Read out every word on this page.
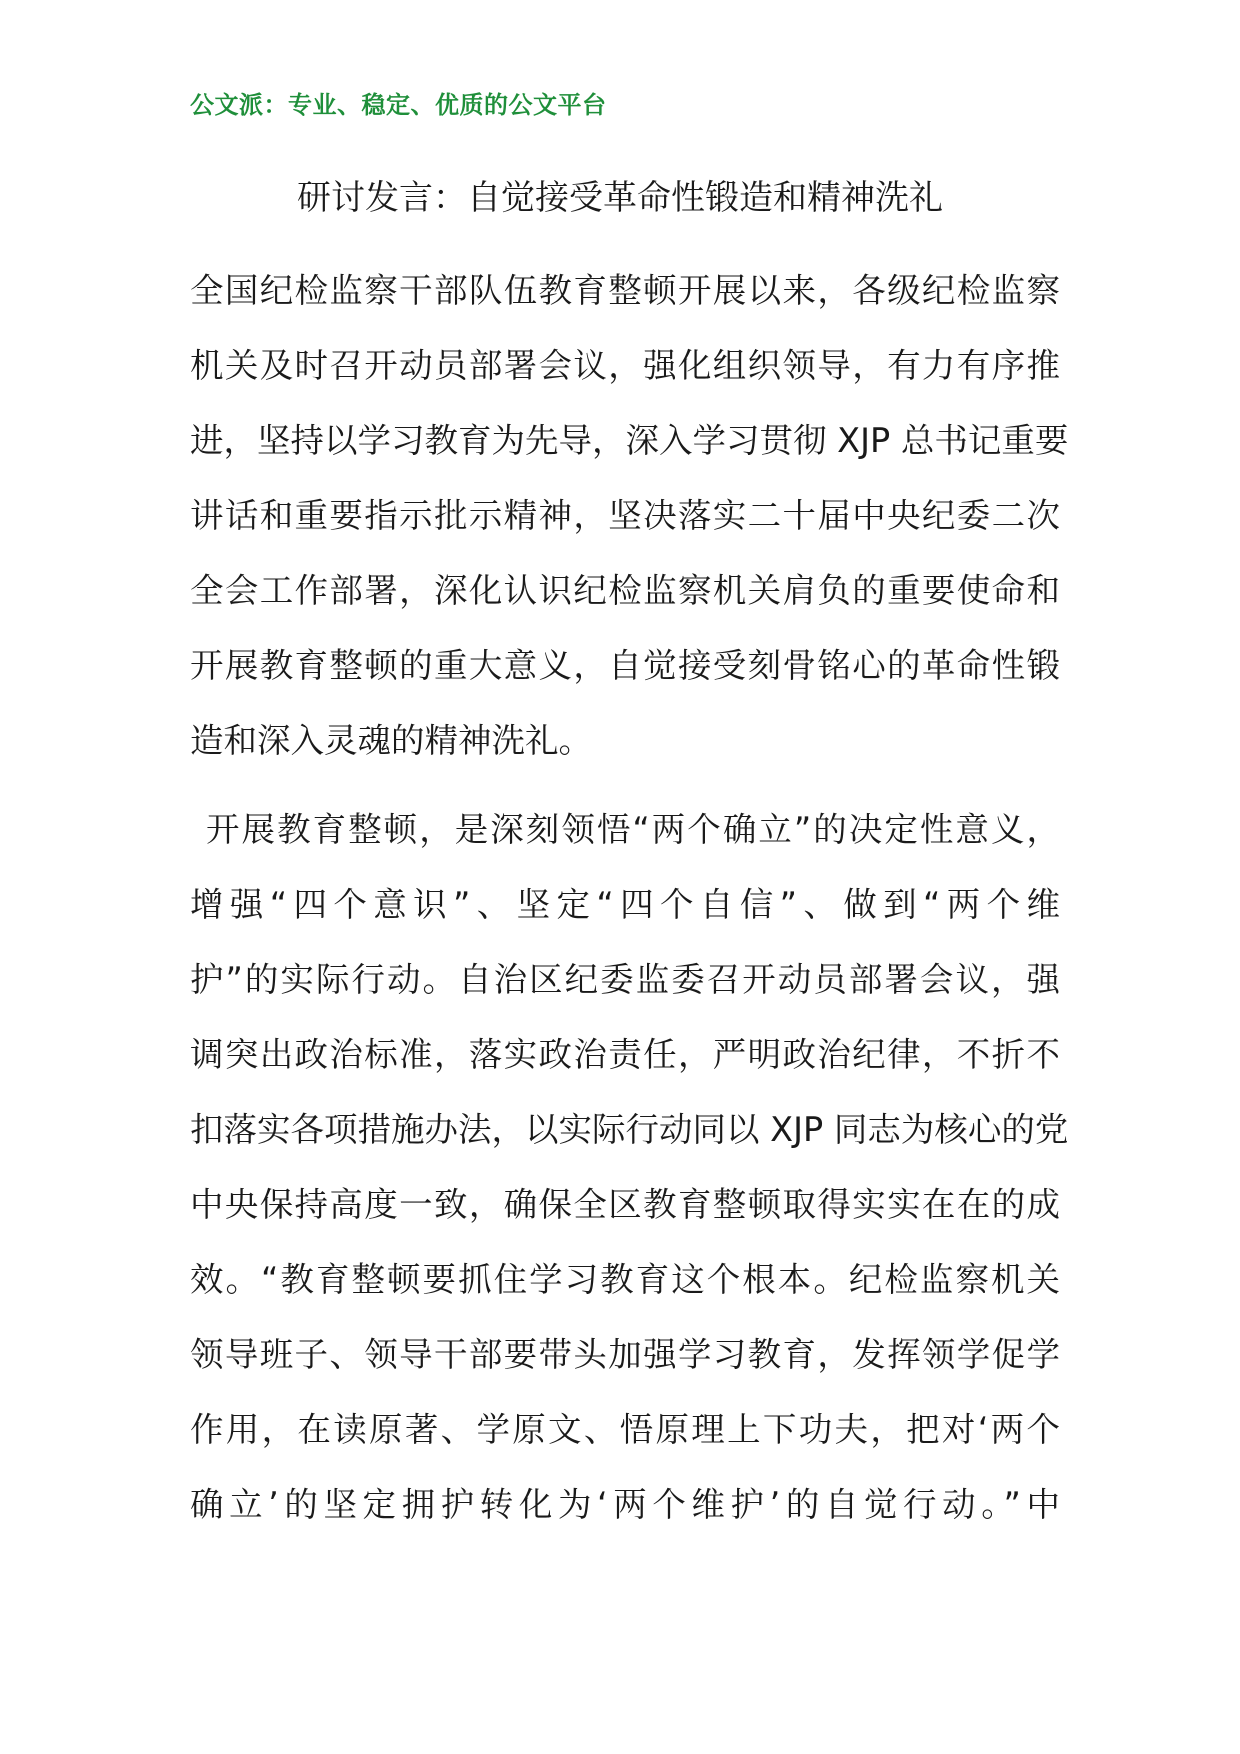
公文派：专业、稳定、优质的公文平台
研讨发言：自觉接受革命性锻造和精神洗礼
全国纪检监察干部队伍教育整顿开展以来，各级纪检监察
机关及时召开动员部署会议，强化组织领导，有力有序推
进，坚持以学习教育为先导，深入学习贯彻 XJP 总书记重要
讲话和重要指示批示精神，坚决落实二十届中央纪委二次
全会工作部署，深化认识纪检监察机关肩负的重要使命和
开展教育整顿的重大意义，自觉接受刻骨铭心的革命性锻
造和深入灵魂的精神洗礼。
开展教育整顿，是深刻领悟“两个确立”的决定性意义，
增强“四个意识”、坚定“四个自信”、做到“两个维
护”的实际行动。自治区纪委监委召开动员部署会议，强
调突出政治标准，落实政治责任，严明政治纪律，不折不
扣落实各项措施办法，以实际行动同以 XJP 同志为核心的党
中央保持高度一致，确保全区教育整顿取得实实在在的成
效。“教育整顿要抓住学习教育这个根本。纪检监察机关
领导班子、领导干部要带头加强学习教育，发挥领学促学
作用，在读原著、学原文、悟原理上下功夫，把对‘两个
确立’的坚定拥护转化为‘两个维护’的自觉行动。”中
